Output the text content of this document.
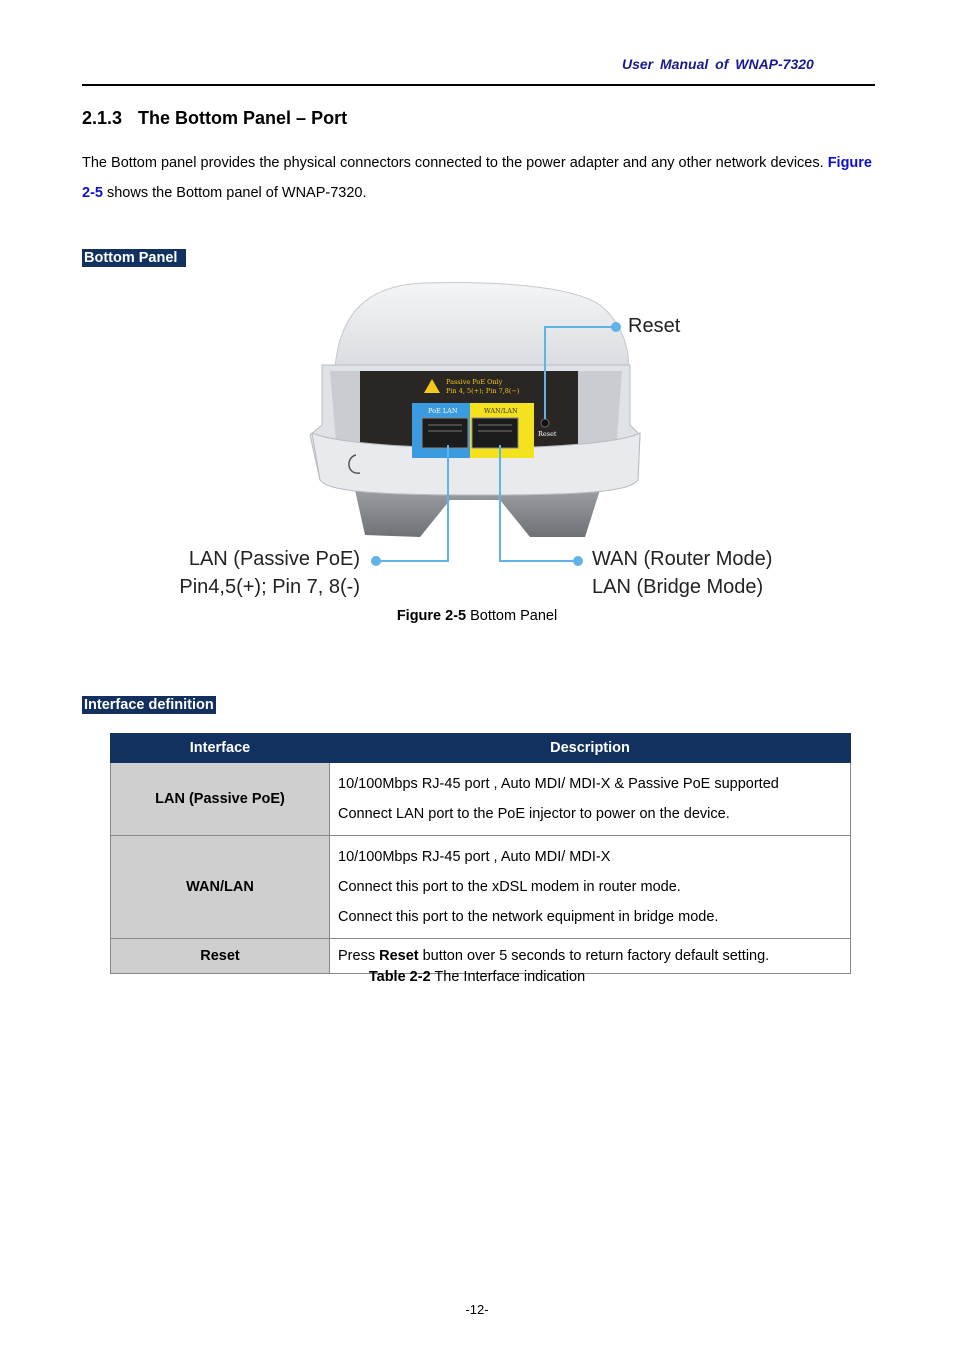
User Manual of WNAP-7320
2.1.3 The Bottom Panel – Port
The Bottom panel provides the physical connectors connected to the power adapter and any other network devices. Figure 2-5 shows the Bottom panel of WNAP-7320.
Bottom Panel
Passive PoE Only
Pin 4, 5(+); Pin 7,8(−)
PoE LAN	WAN/LAN
Reset
Reset
LAN (Passive PoE)
Pin4,5(+); Pin 7, 8(-)
WAN (Router Mode)
LAN (Bridge Mode)
Figure 2-5 Bottom Panel
Interface definition
Interface	Description
LAN (Passive PoE)	10/100Mbps RJ-45 port , Auto MDI/ MDI-X & Passive PoE supported
Connect LAN port to the PoE injector to power on the device.

WAN/LAN	10/100Mbps RJ-45 port , Auto MDI/ MDI-X
Connect this port to the xDSL modem in router mode.
Connect this port to the network equipment in bridge mode.

Reset	Press Reset button over 5 seconds to return factory default setting.
Table 2-2 The Interface indication
-12-
